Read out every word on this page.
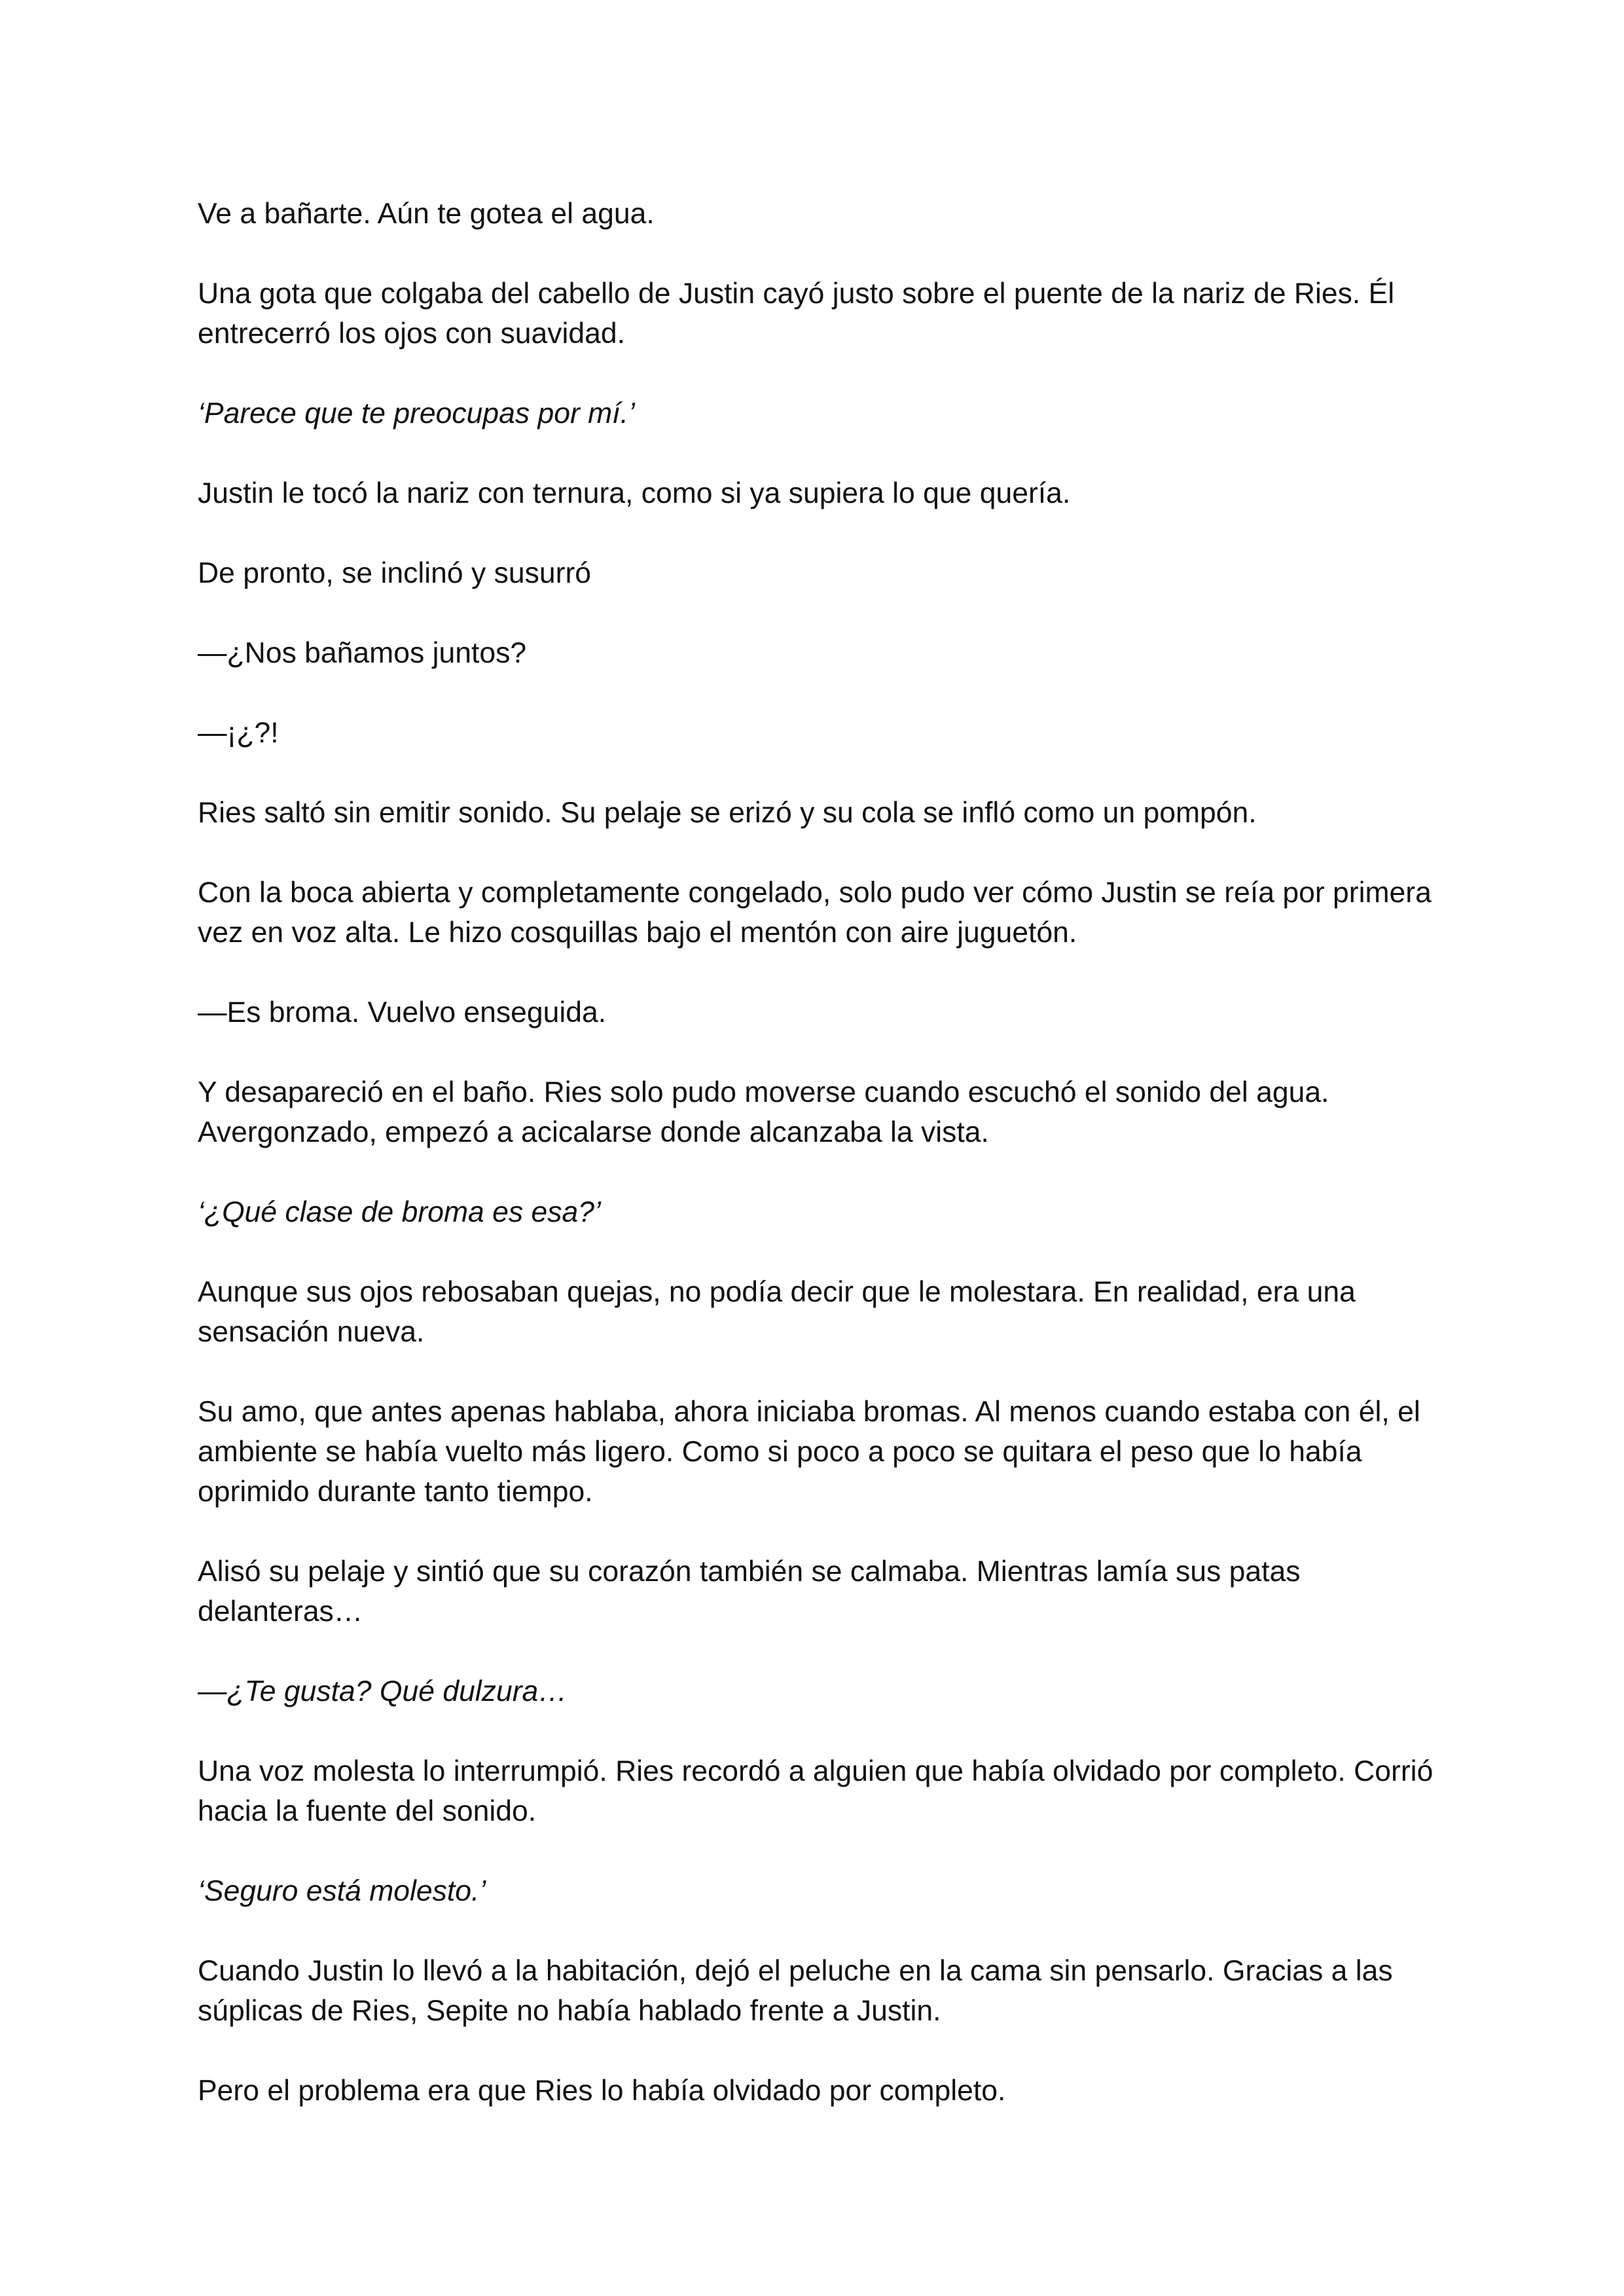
Ve a bañarte. Aún te gotea el agua.

Una gota que colgaba del cabello de Justin cayó justo sobre el puente de la nariz de Ries. Él entrecerró los ojos con suavidad.

‘Parece que te preocupas por mí.’

Justin le tocó la nariz con ternura, como si ya supiera lo que quería.

De pronto, se inclinó y susurró

—¿Nos bañamos juntos?

—¡¿?!

Ries saltó sin emitir sonido. Su pelaje se erizó y su cola se infló como un pompón.

Con la boca abierta y completamente congelado, solo pudo ver cómo Justin se reía por primera vez en voz alta. Le hizo cosquillas bajo el mentón con aire juguetón.

—Es broma. Vuelvo enseguida.

Y desapareció en el baño. Ries solo pudo moverse cuando escuchó el sonido del agua. Avergonzado, empezó a acicalarse donde alcanzaba la vista.

‘¿Qué clase de broma es esa?’

Aunque sus ojos rebosaban quejas, no podía decir que le molestara. En realidad, era una sensación nueva.

Su amo, que antes apenas hablaba, ahora iniciaba bromas. Al menos cuando estaba con él, el ambiente se había vuelto más ligero. Como si poco a poco se quitara el peso que lo había oprimido durante tanto tiempo.

Alisó su pelaje y sintió que su corazón también se calmaba. Mientras lamía sus patas delanteras…

—¿Te gusta? Qué dulzura…

Una voz molesta lo interrumpió. Ries recordó a alguien que había olvidado por completo. Corrió hacia la fuente del sonido.

‘Seguro está molesto.’

Cuando Justin lo llevó a la habitación, dejó el peluche en la cama sin pensarlo. Gracias a las súplicas de Ries, Sepite no había hablado frente a Justin.

Pero el problema era que Ries lo había olvidado por completo.
